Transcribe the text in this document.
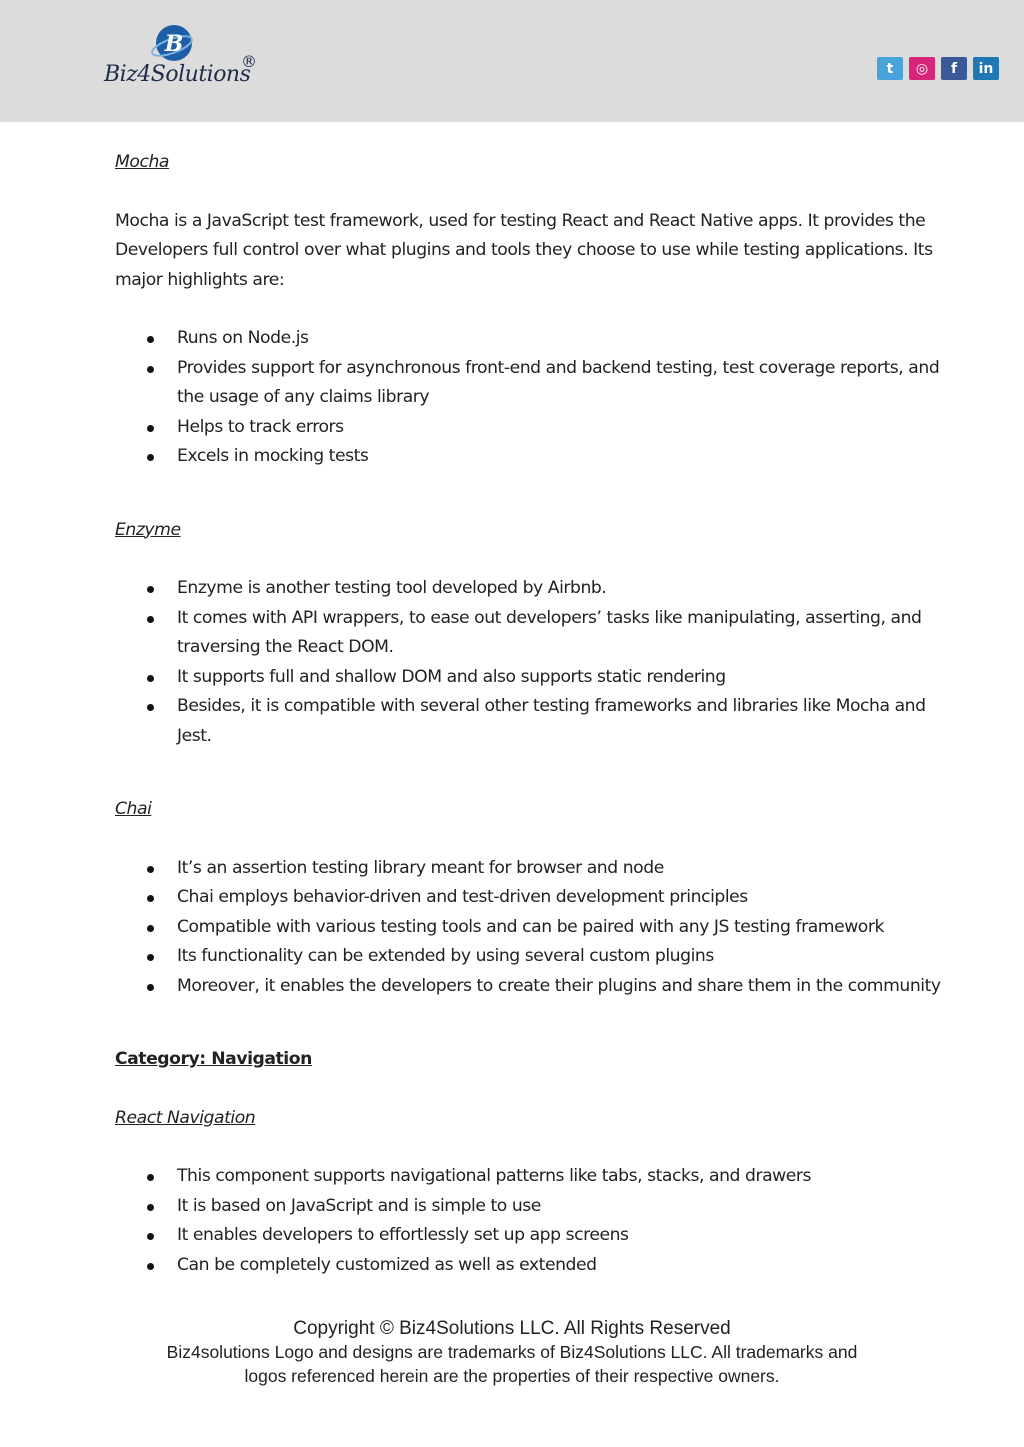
B
Biz4Solutions
®	t	◎	f	in

Mocha

Mocha is a JavaScript test framework, used for testing React and React Native apps. It provides the Developers full control over what plugins and tools they choose to use while testing applications. Its major highlights are:

Runs on Node.js
Provides support for asynchronous front-end and backend testing, test coverage reports, and the usage of any claims library
Helps to track errors
Excels in mocking tests

Enzyme

Enzyme is another testing tool developed by Airbnb.
It comes with API wrappers, to ease out developers’ tasks like manipulating, asserting, and traversing the React DOM.
It supports full and shallow DOM and also supports static rendering
Besides, it is compatible with several other testing frameworks and libraries like Mocha and Jest.

Chai

It’s an assertion testing library meant for browser and node
Chai employs behavior-driven and test-driven development principles
Compatible with various testing tools and can be paired with any JS testing framework
Its functionality can be extended by using several custom plugins
Moreover, it enables the developers to create their plugins and share them in the community

Category: Navigation

React Navigation

This component supports navigational patterns like tabs, stacks, and drawers
It is based on JavaScript and is simple to use
It enables developers to effortlessly set up app screens
Can be completely customized as well as extended
Copyright © Biz4Solutions LLC. All Rights Reserved
Biz4solutions Logo and designs are trademarks of Biz4Solutions LLC. All trademarks and
logos referenced herein are the properties of their respective owners.
